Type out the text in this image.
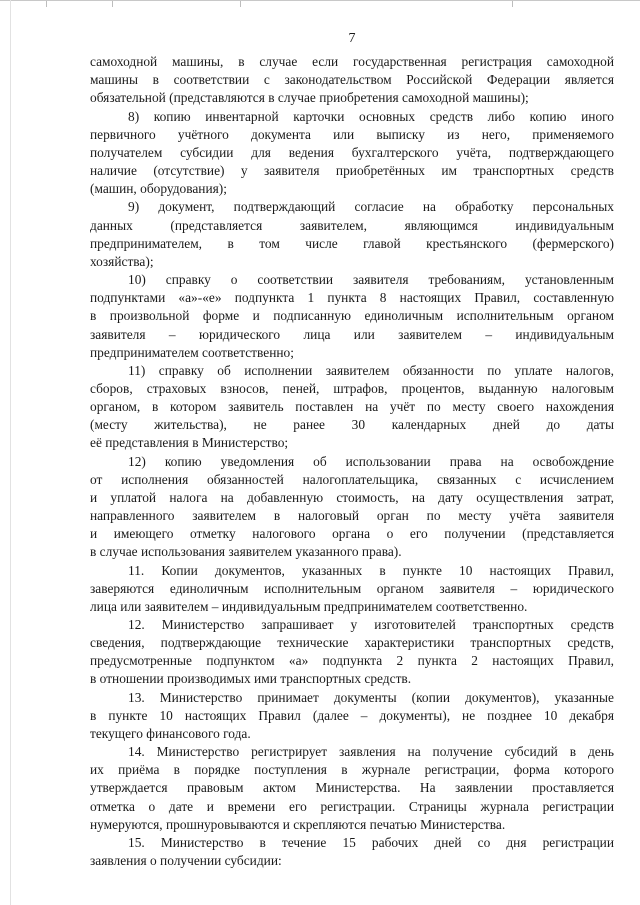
7

самоходной машины, в случае если государственная регистрация самоходной
машины в соответствии с законодательством Российской Федерации является
обязательной (представляются в случае приобретения самоходной машины);

8) копию инвентарной карточки основных средств либо копию иного
первичного учётного документа или выписку из него, применяемого
получателем субсидии для ведения бухгалтерского учёта, подтверждающего
наличие (отсутствие) у заявителя приобретённых им транспортных средств
(машин, оборудования);

9) документ, подтверждающий согласие на обработку персональных
данных (представляется заявителем, являющимся индивидуальным
предпринимателем, в том числе главой крестьянского (фермерского)
хозяйства);

10) справку о соответствии заявителя требованиям, установленным
подпунктами «а»-«е» подпункта 1 пункта 8 настоящих Правил, составленную
в произвольной форме и подписанную единоличным исполнительным органом
заявителя – юридического лица или заявителем – индивидуальным
предпринимателем соответственно;

11) справку об исполнении заявителем обязанности по уплате налогов,
сборов, страховых взносов, пеней, штрафов, процентов, выданную налоговым
органом, в котором заявитель поставлен на учёт по месту своего нахождения
(месту жительства), не ранее 30 календарных дней до даты
её представления в Министерство;

12) копию уведомления об использовании права на освобождение
от исполнения обязанностей налогоплательщика, связанных с исчислением
и уплатой налога на добавленную стоимость, на дату осуществления затрат,
направленного заявителем в налоговый орган по месту учёта заявителя
и имеющего отметку налогового органа о его получении (представляется
в случае использования заявителем указанного права).

11. Копии документов, указанных в пункте 10 настоящих Правил,
заверяются единоличным исполнительным органом заявителя – юридического
лица или заявителем – индивидуальным предпринимателем соответственно.

12. Министерство запрашивает у изготовителей транспортных средств
сведения, подтверждающие технические характеристики транспортных средств,
предусмотренные подпунктом «а» подпункта 2 пункта 2 настоящих Правил,
в отношении производимых ими транспортных средств.

13. Министерство принимает документы (копии документов), указанные
в пункте 10 настоящих Правил (далее – документы), не позднее 10 декабря
текущего финансового года.

14. Министерство регистрирует заявления на получение субсидий в день
их приёма в порядке поступления в журнале регистрации, форма которого
утверждается правовым актом Министерства. На заявлении проставляется
отметка о дате и времени его регистрации. Страницы журнала регистрации
нумеруются, прошнуровываются и скрепляются печатью Министерства.

15. Министерство в течение 15 рабочих дней со дня регистрации
заявления о получении субсидии:
